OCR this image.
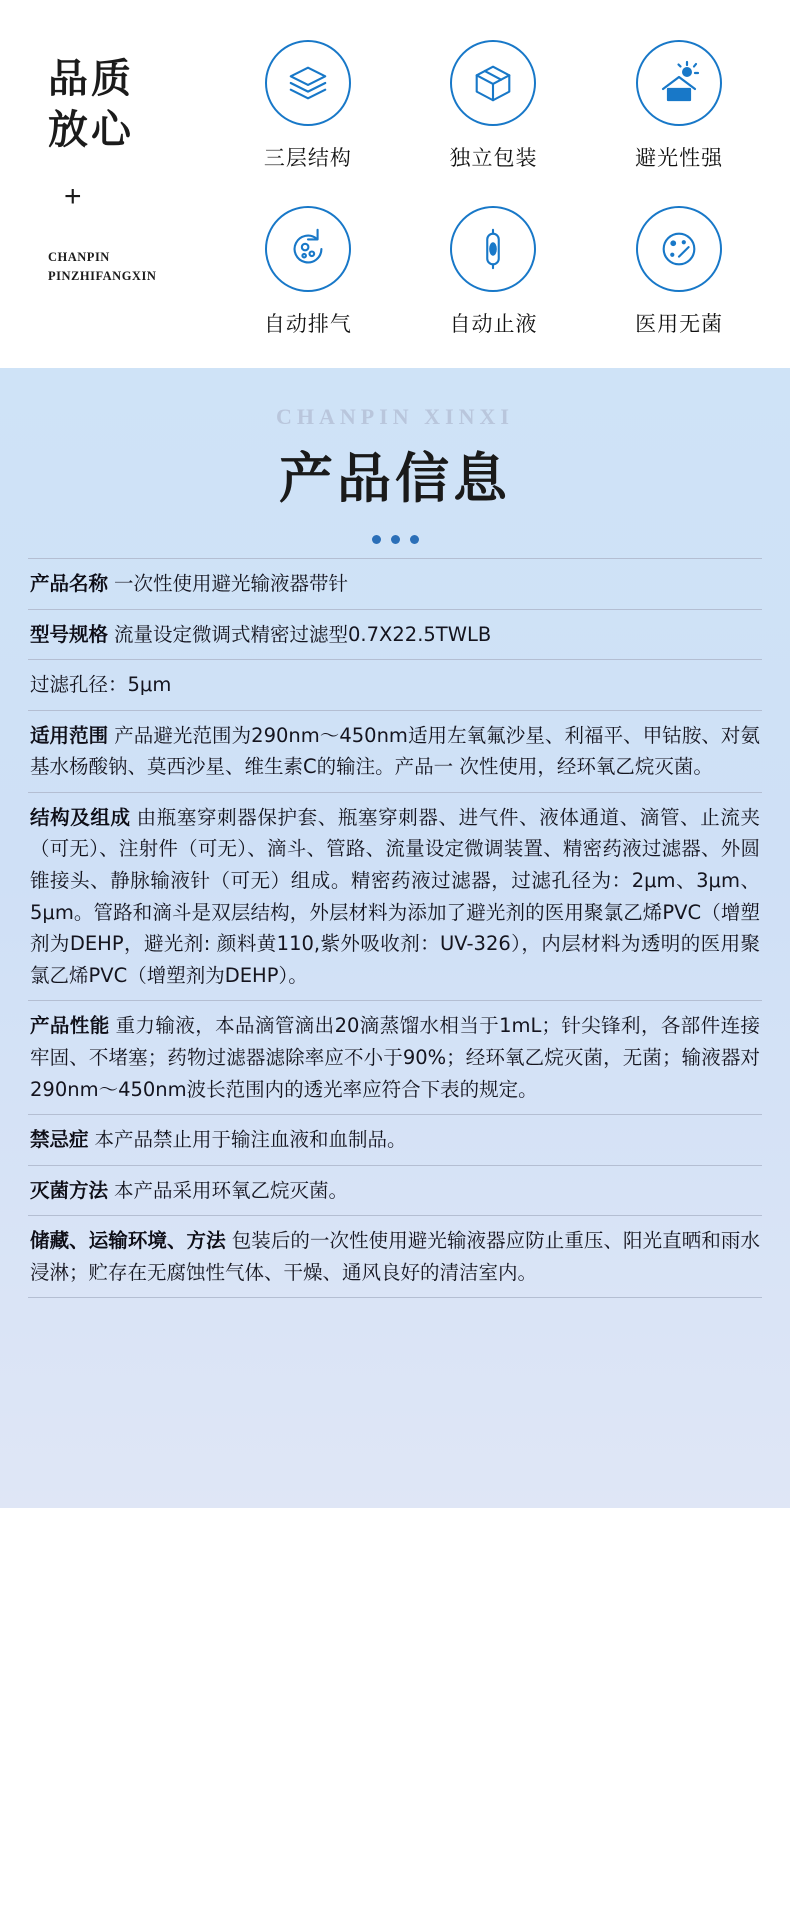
品质
放心
+
CHANPIN
PINZHIFANGXIN
三层结构	独立包装	避光性强
自动排气	自动止液	医用无菌
CHANPIN XINXI
产品信息
产品名称 一次性使用避光输液器带针
型号规格 流量设定微调式精密过滤型0.7X22.5TWLB
过滤孔径：5μm
适用范围 产品避光范围为290nm～450nm适用左氧氟沙星、利福平、甲钴胺、对氨基水杨酸钠、莫西沙星、维生素C的输注。产品一 次性使用，经环氧乙烷灭菌。
结构及组成 由瓶塞穿刺器保护套、瓶塞穿刺器、进气件、液体通道、滴管、止流夹（可无）、注射件（可无）、滴斗、管路、流量设定微调装置、精密药液过滤器、外圆锥接头、静脉输液针（可无）组成。精密药液过滤器，过滤孔径为：2μm、3μm、5μm。管路和滴斗是双层结构，外层材料为添加了避光剂的医用聚氯乙烯PVC（增塑剂为DEHP，避光剂: 颜料黄110,紫外吸收剂：UV-326），内层材料为透明的医用聚氯乙烯PVC（增塑剂为DEHP）。
产品性能 重力输液，本品滴管滴出20滴蒸馏水相当于1mL；针尖锋利，各部件连接牢固、不堵塞；药物过滤器滤除率应不小于90%；经环氧乙烷灭菌，无菌；输液器对290nm～450nm波长范围内的透光率应符合下表的规定。
禁忌症 本产品禁止用于输注血液和血制品。
灭菌方法 本产品采用环氧乙烷灭菌。
储藏、运输环境、方法 包装后的一次性使用避光输液器应防止重压、阳光直晒和雨水浸淋；贮存在无腐蚀性气体、干燥、通风良好的清洁室内。
